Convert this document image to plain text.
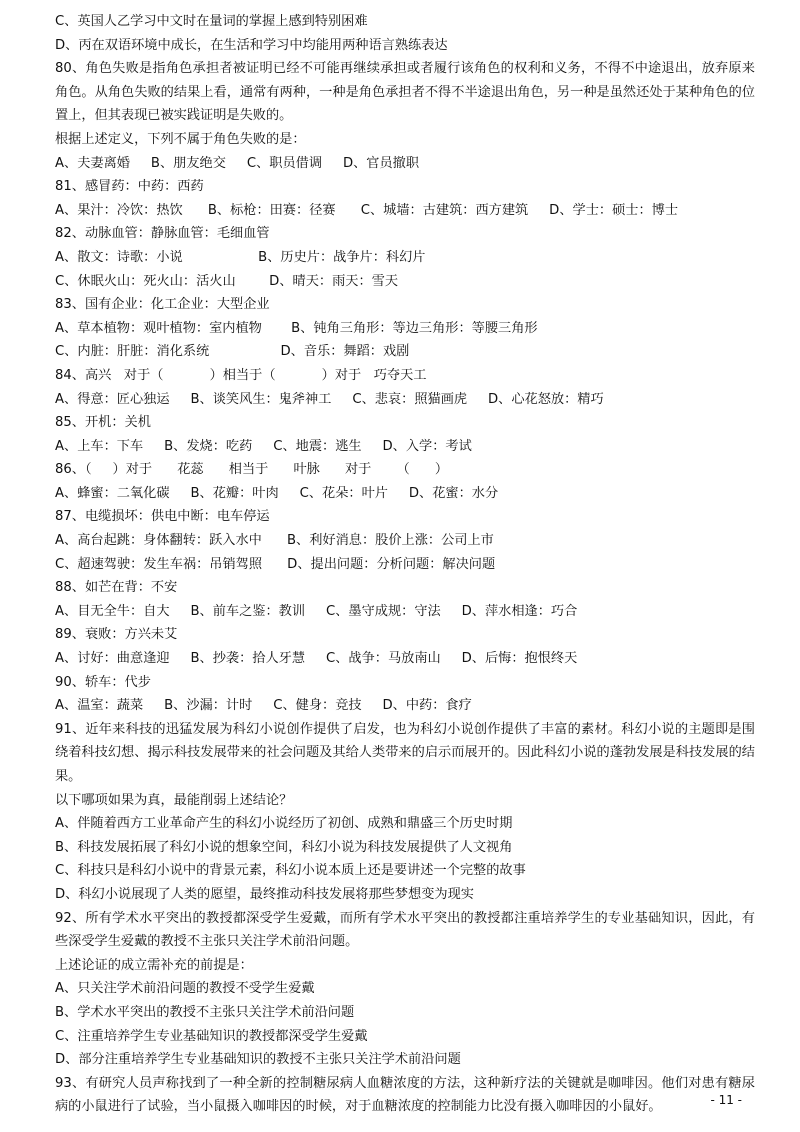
C、英国人乙学习中文时在量词的掌握上感到特别困难
D、丙在双语环境中成长，在生活和学习中均能用两种语言熟练表达
80、角色失败是指角色承担者被证明已经不可能再继续承担或者履行该角色的权利和义务，不得不中途退出，放弃原来角色。从角色失败的结果上看，通常有两种，一种是角色承担者不得不半途退出角色，另一种是虽然还处于某种角色的位置上，但其表现已被实践证明是失败的。
根据上述定义，下列不属于角色失败的是：
A、夫妻离婚     B、朋友绝交     C、职员借调     D、官员撤职
81、感冒药：中药：西药
A、果汁：冷饮：热饮      B、标枪：田赛：径赛      C、城墙：古建筑：西方建筑     D、学士：硕士：博士
82、动脉血管：静脉血管：毛细血管
A、散文：诗歌：小说                  B、历史片：战争片：科幻片
C、休眠火山：死火山：活火山        D、晴天：雨天：雪天
83、国有企业：化工企业：大型企业
A、草本植物：观叶植物：室内植物       B、钝角三角形：等边三角形：等腰三角形
C、内脏：肝脏：消化系统                 D、音乐：舞蹈：戏剧
84、高兴   对于（           ）相当于（           ）对于   巧夺天工
A、得意：匠心独运     B、谈笑风生：鬼斧神工     C、悲哀：照猫画虎     D、心花怒放：精巧
85、开机：关机
A、上车：下车     B、发烧：吃药     C、地震：逃生     D、入学：考试
86、（     ）对于      花蕊      相当于      叶脉      对于      （      ）
A、蜂蜜：二氧化碳     B、花瓣：叶肉     C、花朵：叶片     D、花蜜：水分
87、电缆损坏：供电中断：电车停运
A、高台起跳：身体翻转：跃入水中      B、利好消息：股价上涨：公司上市
C、超速驾驶：发生车祸：吊销驾照      D、提出问题：分析问题：解决问题
88、如芒在背：不安
A、目无全牛：自大     B、前车之鉴：教训     C、墨守成规：守法     D、萍水相逢：巧合
89、衰败：方兴未艾
A、讨好：曲意逢迎     B、抄袭：拾人牙慧     C、战争：马放南山     D、后悔：抱恨终天
90、轿车：代步
A、温室：蔬菜     B、沙漏：计时     C、健身：竞技     D、中药：食疗
91、近年来科技的迅猛发展为科幻小说创作提供了启发，也为科幻小说创作提供了丰富的素材。科幻小说的主题即是围绕着科技幻想、揭示科技发展带来的社会问题及其给人类带来的启示而展开的。因此科幻小说的蓬勃发展是科技发展的结果。
以下哪项如果为真，最能削弱上述结论？
A、伴随着西方工业革命产生的科幻小说经历了初创、成熟和鼎盛三个历史时期
B、科技发展拓展了科幻小说的想象空间，科幻小说为科技发展提供了人文视角
C、科技只是科幻小说中的背景元素，科幻小说本质上还是要讲述一个完整的故事
D、科幻小说展现了人类的愿望，最终推动科技发展将那些梦想变为现实
92、所有学术水平突出的教授都深受学生爱戴，而所有学术水平突出的教授都注重培养学生的专业基础知识，因此，有些深受学生爱戴的教授不主张只关注学术前沿问题。
上述论证的成立需补充的前提是：
A、只关注学术前沿问题的教授不受学生爱戴
B、学术水平突出的教授不主张只关注学术前沿问题
C、注重培养学生专业基础知识的教授都深受学生爱戴
D、部分注重培养学生专业基础知识的教授不主张只关注学术前沿问题
93、有研究人员声称找到了一种全新的控制糖尿病人血糖浓度的方法，这种新疗法的关键就是咖啡因。他们对患有糖尿病的小鼠进行了试验，当小鼠摄入咖啡因的时候，对于血糖浓度的控制能力比没有摄入咖啡因的小鼠好。	- 11 -
